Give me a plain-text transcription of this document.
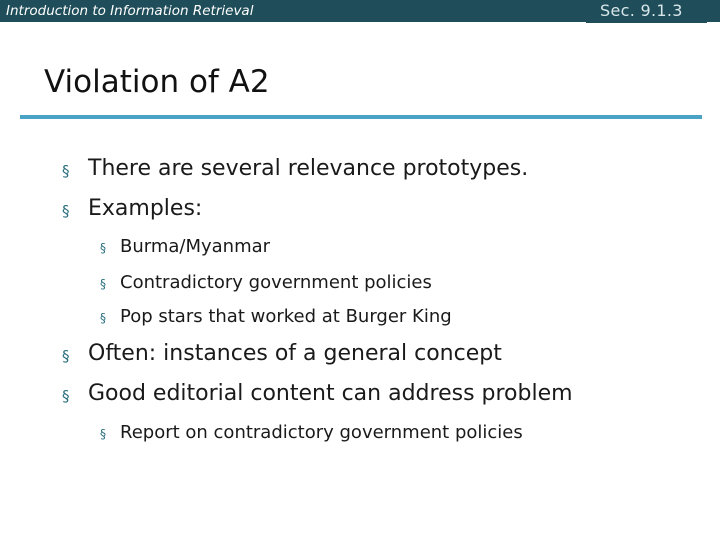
Introduction to Information Retrieval	Sec. 9.1.3
Violation of A2
§ There are several relevance prototypes.
§ Examples:
§ Burma/Myanmar
§ Contradictory government policies
§ Pop stars that worked at Burger King
§ Often: instances of a general concept
§ Good editorial content can address problem
§ Report on contradictory government policies
